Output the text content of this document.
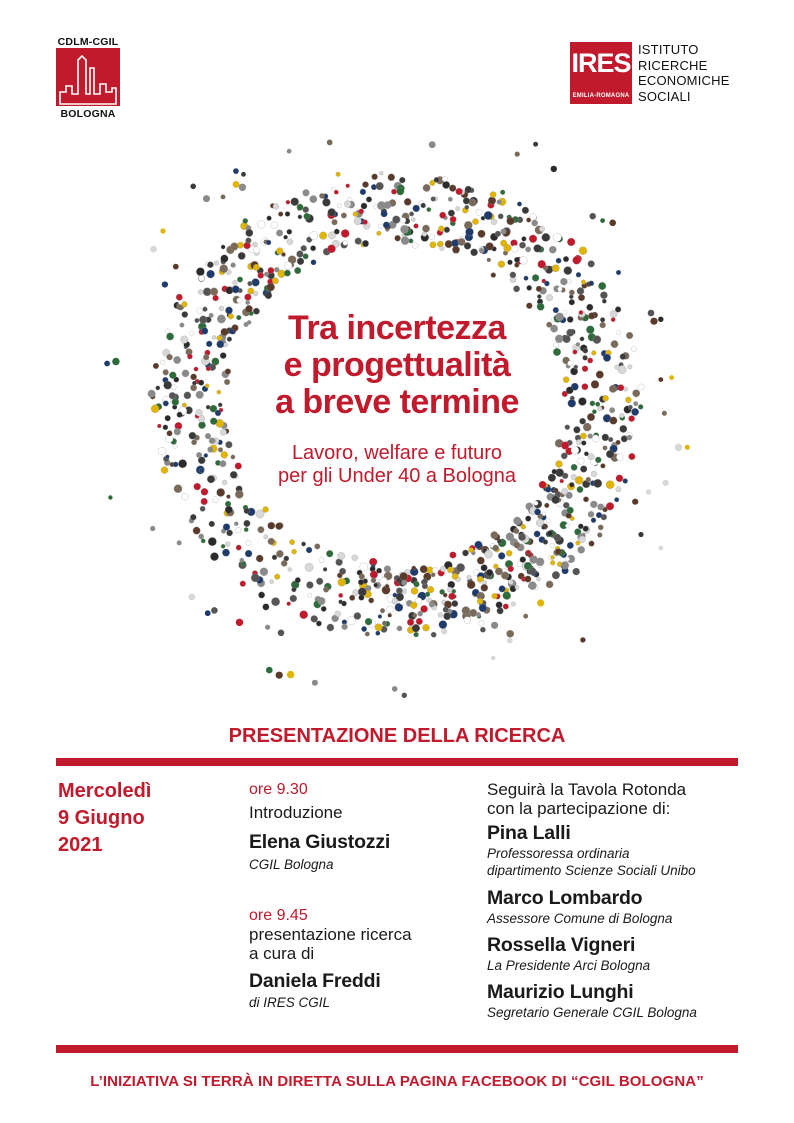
CDLM-CGIL
BOLOGNA
IRES
EMILIA-ROMAGNA
ISTITUTO
RICERCHE
ECONOMICHE
SOCIALI
Tra incertezza
e progettualità
a breve termine
Lavoro, welfare e futuro
per gli Under 40 a Bologna
PRESENTAZIONE DELLA RICERCA
Mercoledì
9 Giugno
2021
ore 9.30
Introduzione
Elena Giustozzi
CGIL Bologna
ore 9.45
presentazione ricerca
a cura di
Daniela Freddi
di IRES CGIL
Seguirà la Tavola Rotonda
con la partecipazione di:
Pina Lalli
Professoressa ordinaria
dipartimento Scienze Sociali Unibo
Marco Lombardo
Assessore Comune di Bologna
Rossella Vigneri
La Presidente Arci Bologna
Maurizio Lunghi
Segretario Generale CGIL Bologna
L’INIZIATIVA SI TERRÀ IN DIRETTA SULLA PAGINA FACEBOOK DI “CGIL BOLOGNA”
